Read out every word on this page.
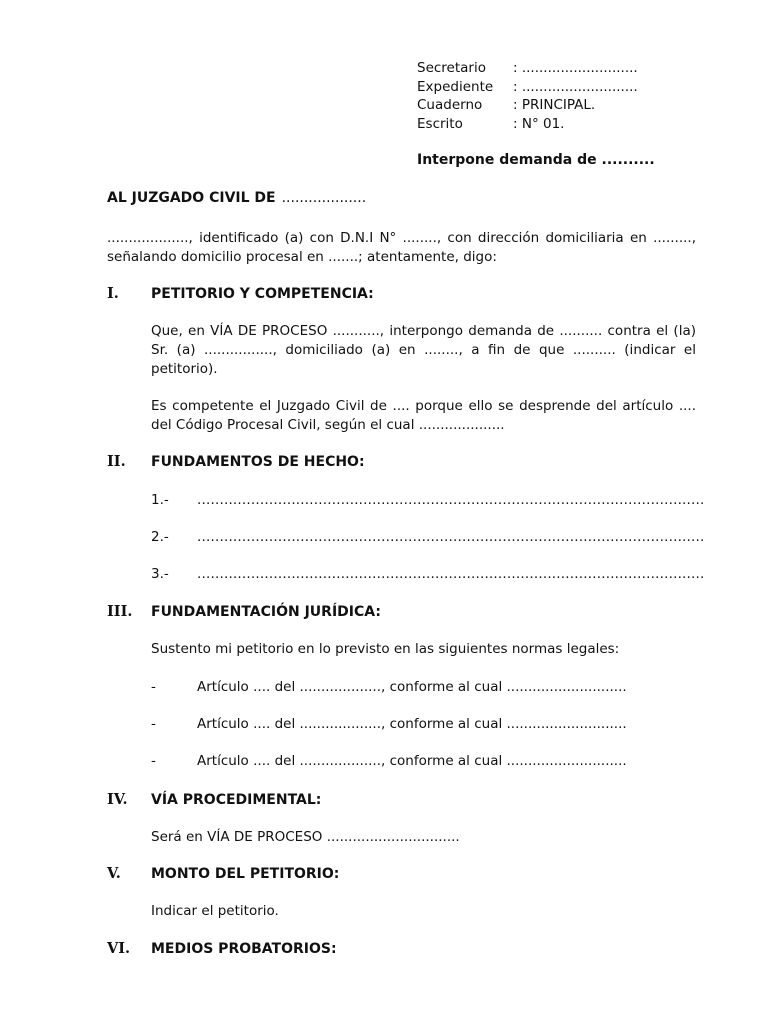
Secretario : ...........................
Expediente : ...........................
Cuaderno : PRINCIPAL.
Escrito	: N° 01.
Interpone demanda de ..........
AL JUZGADO CIVIL DE ...................
..................., identificado (a) con D.N.I N° ........, con dirección domiciliaria en ........., señalando domicilio procesal en .......; atentamente, digo:
I. PETITORIO Y COMPETENCIA:
Que, en VÍA DE PROCESO ..........., interpongo demanda de .......... contra el (la) Sr. (a) ................, domiciliado (a) en ........, a fin de que .......... (indicar el petitorio).
Es competente el Juzgado Civil de .... porque ello se desprende del artículo .... del Código Procesal Civil, según el cual ....................
II. FUNDAMENTOS DE HECHO:
1.- .................................................................................................................
2.- .................................................................................................................
3.- .................................................................................................................
III. FUNDAMENTACIÓN JURÍDICA:
Sustento mi petitorio en lo previsto en las siguientes normas legales:
-	Artículo .... del ..................., conforme al cual ............................
-	Artículo .... del ..................., conforme al cual ............................
-	Artículo .... del ..................., conforme al cual ............................
IV. VÍA PROCEDIMENTAL:
Será en VÍA DE PROCESO ...............................
V. MONTO DEL PETITORIO:
Indicar el petitorio.
VI. MEDIOS PROBATORIOS:
